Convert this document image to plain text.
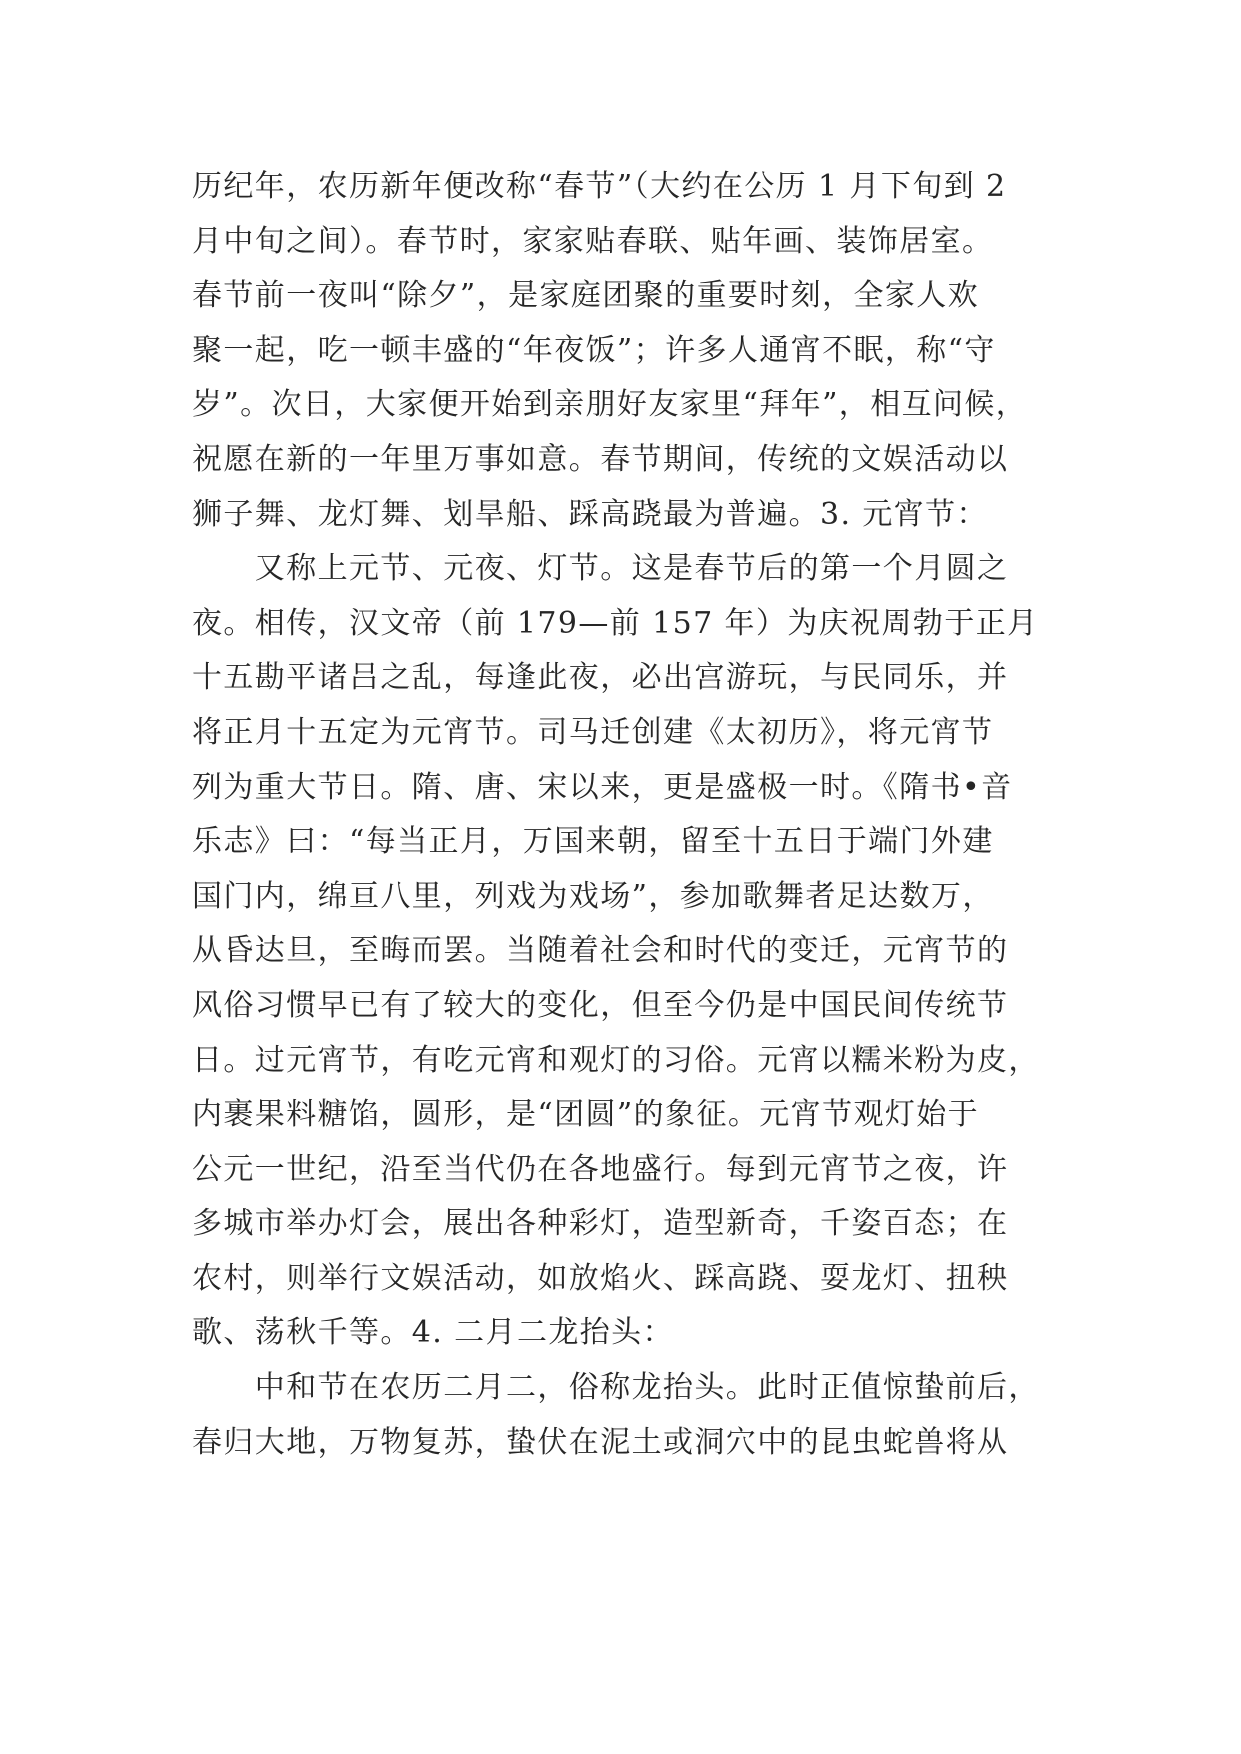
历纪年，农历新年便改称“春节”（大约在公历 1 月下旬到 2
月中旬之间）。春节时，家家贴春联、贴年画、装饰居室。
春节前一夜叫“除夕”，是家庭团聚的重要时刻，全家人欢
聚一起，吃一顿丰盛的“年夜饭”；许多人通宵不眠，称“守
岁”。次日，大家便开始到亲朋好友家里“拜年”，相互问候，
祝愿在新的一年里万事如意。春节期间，传统的文娱活动以
狮子舞、龙灯舞、划旱船、踩高跷最为普遍。3. 元宵节：
　　又称上元节、元夜、灯节。这是春节后的第一个月圆之
夜。相传，汉文帝（前 179—前 157 年）为庆祝周勃于正月
十五勘平诸吕之乱，每逢此夜，必出宫游玩，与民同乐，并
将正月十五定为元宵节。司马迁创建《太初历》，将元宵节
列为重大节日。隋、唐、宋以来，更是盛极一时。《隋书•音
乐志》曰：“每当正月，万国来朝，留至十五日于端门外建
国门内，绵亘八里，列戏为戏场”，参加歌舞者足达数万，
从昏达旦，至晦而罢。当随着社会和时代的变迁，元宵节的
风俗习惯早已有了较大的变化，但至今仍是中国民间传统节
日。过元宵节，有吃元宵和观灯的习俗。元宵以糯米粉为皮，
内裹果料糖馅，圆形，是“团圆”的象征。元宵节观灯始于
公元一世纪，沿至当代仍在各地盛行。每到元宵节之夜，许
多城市举办灯会，展出各种彩灯，造型新奇，千姿百态；在
农村，则举行文娱活动，如放焰火、踩高跷、耍龙灯、扭秧
歌、荡秋千等。4. 二月二龙抬头：
　　中和节在农历二月二，俗称龙抬头。此时正值惊蛰前后，
春归大地，万物复苏，蛰伏在泥土或洞穴中的昆虫蛇兽将从
